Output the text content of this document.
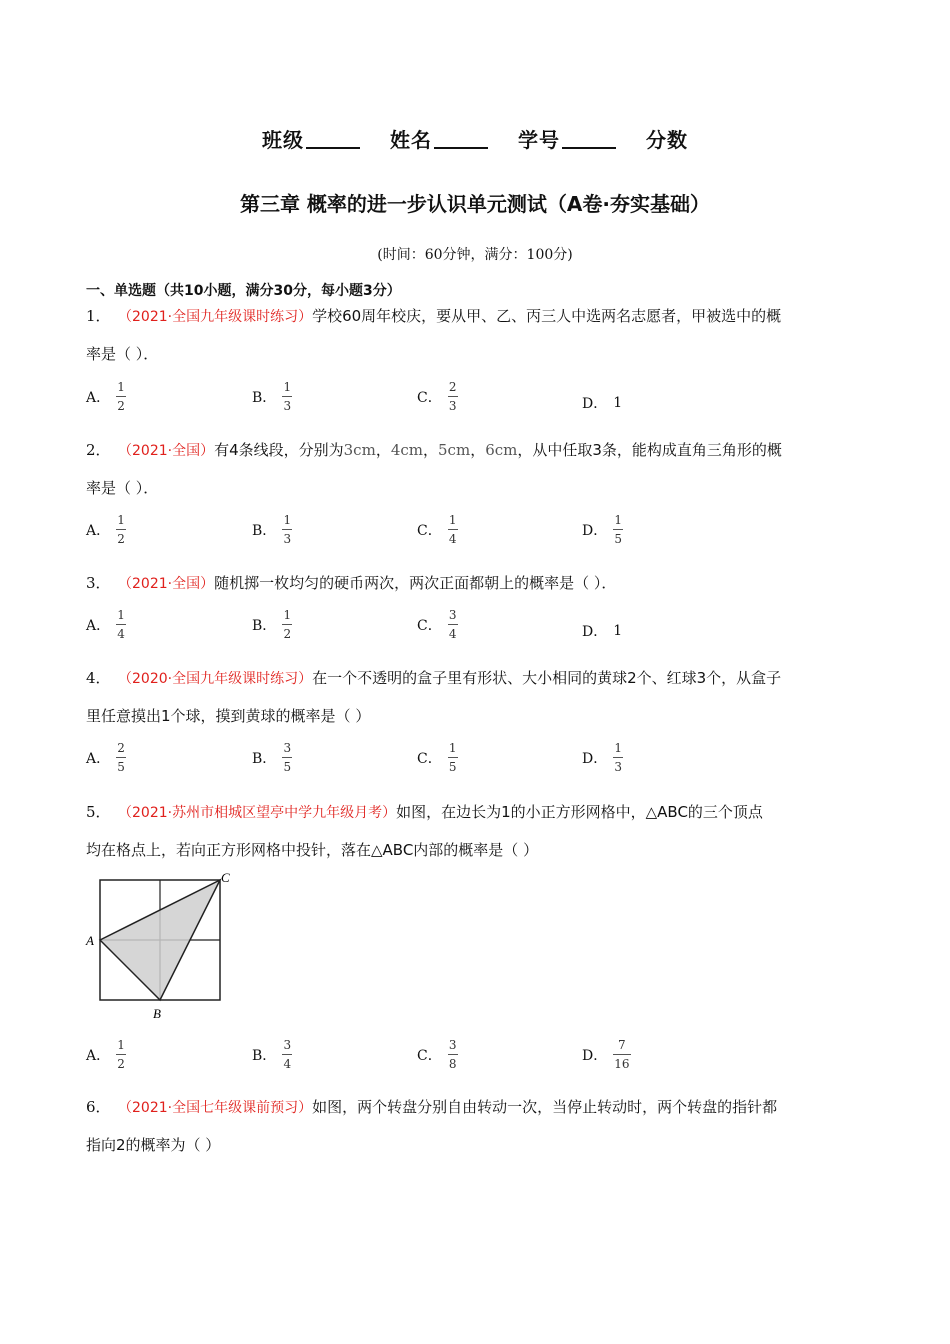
班级	姓名	学号	分数
第三章 概率的进一步认识单元测试（A卷·夯实基础）
(时间：60分钟，满分：100分)
一、单选题（共10小题，满分30分，每小题3分）
1． （2021·全国九年级课时练习）学校60周年校庆，要从甲、乙、丙三人中选两名志愿者，甲被选中的概
率是（ ）．
A． $\frac{1}{2}$	B． $\frac{1}{3}$	C． $\frac{2}{3}$	D． 1
2． （2021·全国）有4条线段，分别为3cm，4cm，5cm，6cm，从中任取3条，能构成直角三角形的概
率是（ ）．
A． $\frac{1}{2}$	B． $\frac{1}{3}$	C． $\frac{1}{4}$	D． $\frac{1}{5}$
3． （2021·全国）随机掷一枚均匀的硬币两次，两次正面都朝上的概率是（ ）．
A． $\frac{1}{4}$	B． $\frac{1}{2}$	C． $\frac{3}{4}$	D． 1
4． （2020·全国九年级课时练习）在一个不透明的盒子里有形状、大小相同的黄球2个、红球3个，从盒子
里任意摸出1个球，摸到黄球的概率是（ ）
A． $\frac{2}{5}$	B． $\frac{3}{5}$	C． $\frac{1}{5}$	D． $\frac{1}{3}$
5． （2021·苏州市相城区望亭中学九年级月考）如图，在边长为1的小正方形网格中，△ABC的三个顶点
均在格点上，若向正方形网格中投针，落在△ABC内部的概率是（ ）
A
B
C
A． $\frac{1}{2}$	B． $\frac{3}{4}$	C． $\frac{3}{8}$	D． $\frac{7}{16}$
6． （2021·全国七年级课前预习）如图，两个转盘分别自由转动一次，当停止转动时，两个转盘的指针都
指向2的概率为（ ）
